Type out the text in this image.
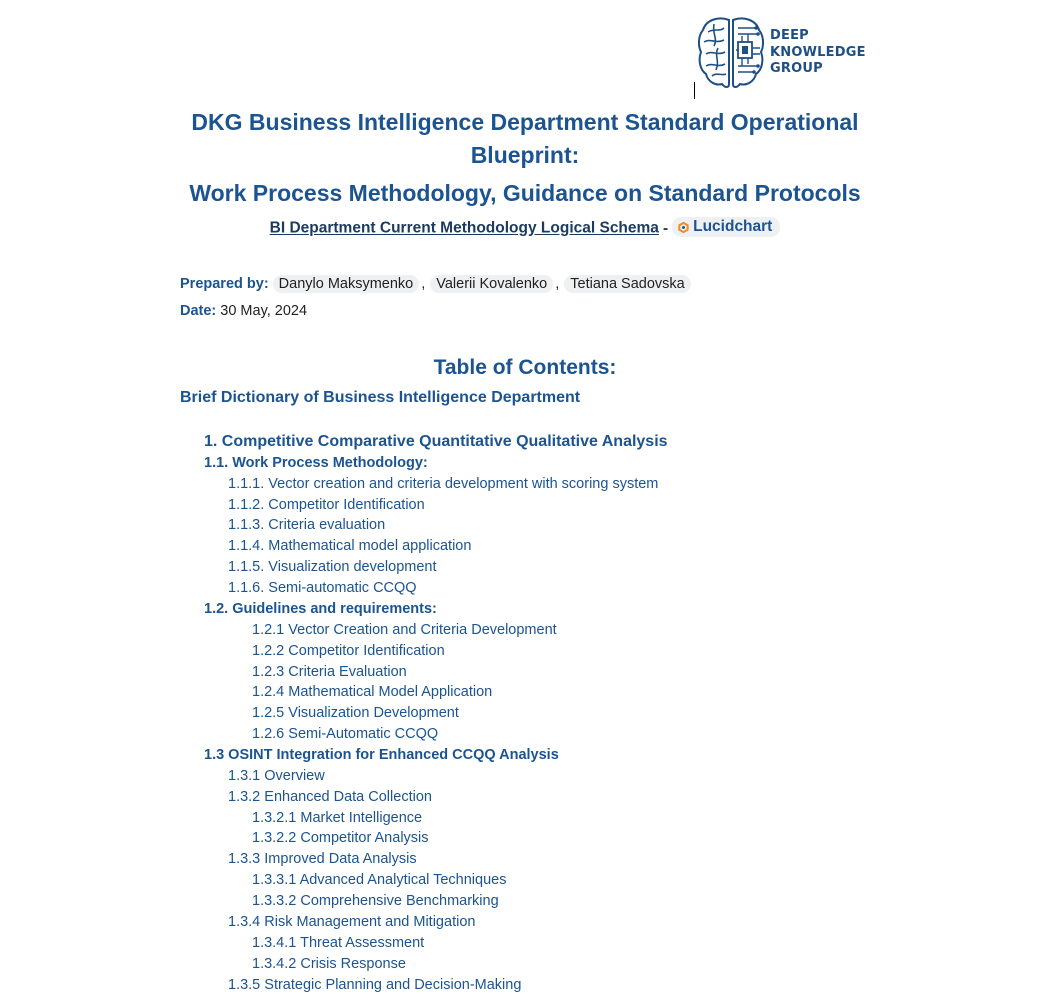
DEEP
KNOWLEDGE
GROUP
DKG Business Intelligence Department Standard Operational
Blueprint:
Work Process Methodology, Guidance on Standard Protocols
BI Department Current Methodology Logical Schema - Lucidchart
Prepared by: Danylo Maksymenko , Valerii Kovalenko , Tetiana Sadovska
Date: 30 May, 2024
Table of Contents:
Brief Dictionary of Business Intelligence Department
1. Competitive Comparative Quantitative Qualitative Analysis
1.1. Work Process Methodology:
1.1.1. Vector creation and criteria development with scoring system
1.1.2. Competitor Identification
1.1.3. Criteria evaluation
1.1.4. Mathematical model application
1.1.5. Visualization development
1.1.6. Semi-automatic CCQQ
1.2. Guidelines and requirements:
1.2.1 Vector Creation and Criteria Development
1.2.2 Competitor Identification
1.2.3 Criteria Evaluation
1.2.4 Mathematical Model Application
1.2.5 Visualization Development
1.2.6 Semi-Automatic CCQQ
1.3 OSINT Integration for Enhanced CCQQ Analysis
1.3.1 Overview
1.3.2 Enhanced Data Collection
1.3.2.1 Market Intelligence
1.3.2.2 Competitor Analysis
1.3.3 Improved Data Analysis
1.3.3.1 Advanced Analytical Techniques
1.3.3.2 Comprehensive Benchmarking
1.3.4 Risk Management and Mitigation
1.3.4.1 Threat Assessment
1.3.4.2 Crisis Response
1.3.5 Strategic Planning and Decision-Making
